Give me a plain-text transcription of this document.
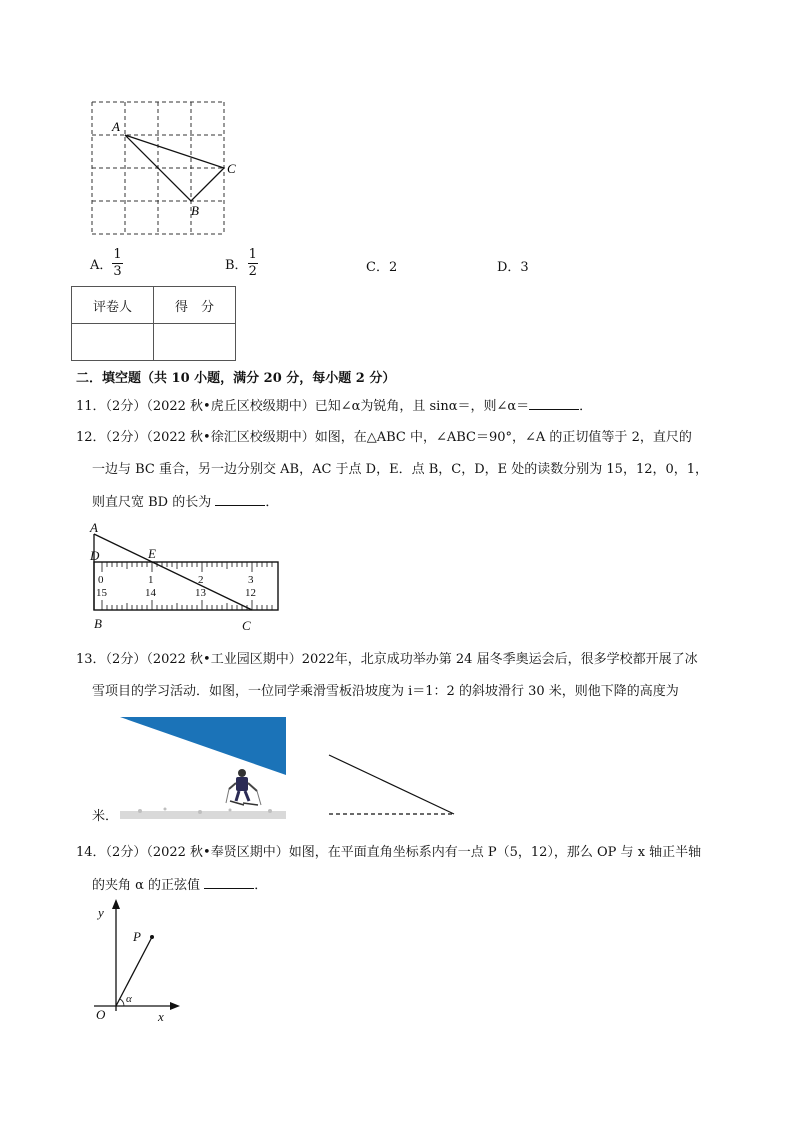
A
C
B
A． $\frac{1}{3}$	B． $\frac{1}{2}$	C．2	D．3
评卷人	得　分

二．填空题（共 10 小题，满分 20 分，每小题 2 分）
11．（2分）（2022 秋•虎丘区校级期中）已知∠α为锐角，且 sinα＝，则∠α＝	．
12．（2分）（2022 秋•徐汇区校级期中）如图，在△ABC 中，∠ABC＝90°，∠A 的正切值等于 2，直尺的
一边与 BC 重合，另一边分别交 AB，AC 于点 D，E．点 B，C，D，E 处的读数分别为 15，12，0，1，
则直尺宽 BD 的长为	．
0	1	2	3
15	14	13	12
A
D	E
B	C
13．（2分）（2022 秋•工业园区期中）2022年，北京成功举办第 24 届冬季奥运会后，很多学校都开展了冰
雪项目的学习活动．如图，一位同学乘滑雪板沿坡度为 i＝1：2 的斜坡滑行 30 米，则他下降的高度为
米．
14．（2分）（2022 秋•奉贤区期中）如图，在平面直角坐标系内有一点 P（5，12），那么 OP 与 x 轴正半轴
的夹角 α 的正弦值	．
y
x
O
P
α
